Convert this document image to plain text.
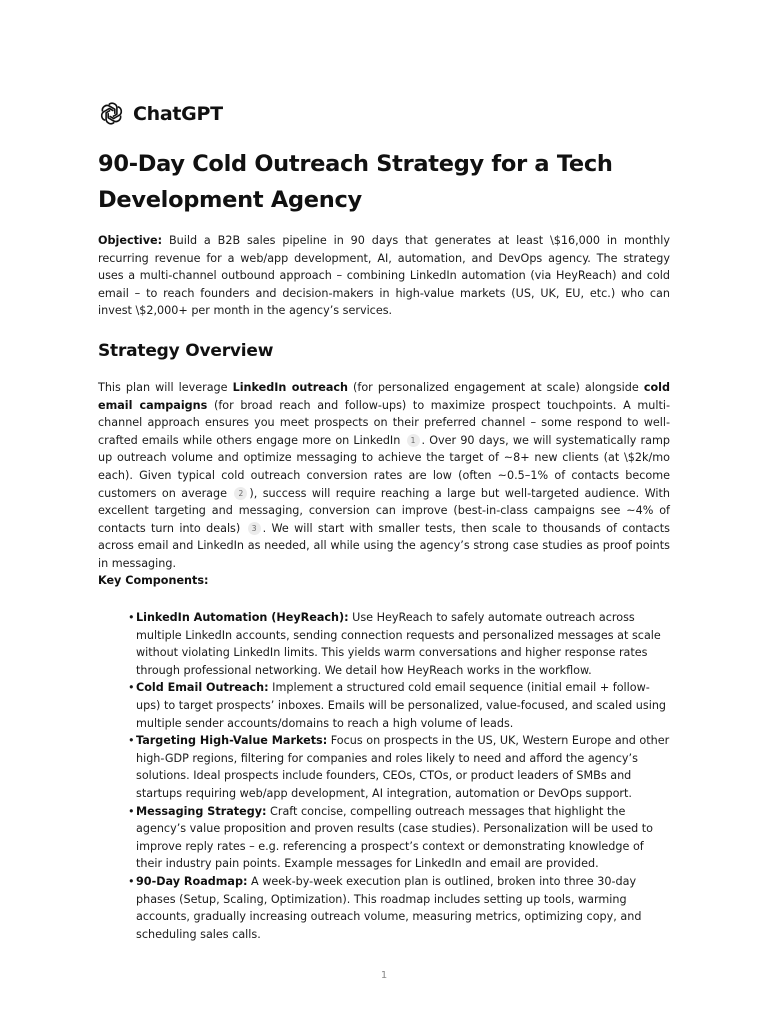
ChatGPT
90-Day Cold Outreach Strategy for a Tech Development Agency

Objective: Build a B2B sales pipeline in 90 days that generates at least \$16,000 in monthly recurring revenue for a web/app development, AI, automation, and DevOps agency. The strategy uses a multi-channel outbound approach – combining LinkedIn automation (via HeyReach) and cold email – to reach founders and decision-makers in high-value markets (US, UK, EU, etc.) who can invest \$2,000+ per month in the agency’s services.

Strategy Overview

This plan will leverage LinkedIn outreach (for personalized engagement at scale) alongside cold email campaigns (for broad reach and follow-ups) to maximize prospect touchpoints. A multi-channel approach ensures you meet prospects on their preferred channel – some respond to well-crafted emails while others engage more on LinkedIn 1 . Over 90 days, we will systematically ramp up outreach volume and optimize messaging to achieve the target of ~8+ new clients (at \$2k/mo each). Given typical cold outreach conversion rates are low (often ~0.5–1% of contacts become customers on average 2 ), success will require reaching a large but well-targeted audience. With excellent targeting and messaging, conversion can improve (best-in-class campaigns see ~4% of contacts turn into deals) 3 . We will start with smaller tests, then scale to thousands of contacts across email and LinkedIn as needed, all while using the agency’s strong case studies as proof points in messaging.

Key Components:

• LinkedIn Automation (HeyReach): Use HeyReach to safely automate outreach across multiple LinkedIn accounts, sending connection requests and personalized messages at scale without violating LinkedIn limits. This yields warm conversations and higher response rates through professional networking. We detail how HeyReach works in the workflow.
• Cold Email Outreach: Implement a structured cold email sequence (initial email + follow-ups) to target prospects’ inboxes. Emails will be personalized, value-focused, and scaled using multiple sender accounts/domains to reach a high volume of leads.
• Targeting High-Value Markets: Focus on prospects in the US, UK, Western Europe and other high-GDP regions, filtering for companies and roles likely to need and afford the agency’s solutions. Ideal prospects include founders, CEOs, CTOs, or product leaders of SMBs and startups requiring web/app development, AI integration, automation or DevOps support.
• Messaging Strategy: Craft concise, compelling outreach messages that highlight the agency’s value proposition and proven results (case studies). Personalization will be used to improve reply rates – e.g. referencing a prospect’s context or demonstrating knowledge of their industry pain points. Example messages for LinkedIn and email are provided.
• 90-Day Roadmap: A week-by-week execution plan is outlined, broken into three 30-day phases (Setup, Scaling, Optimization). This roadmap includes setting up tools, warming accounts, gradually increasing outreach volume, measuring metrics, optimizing copy, and scheduling sales calls.
1
